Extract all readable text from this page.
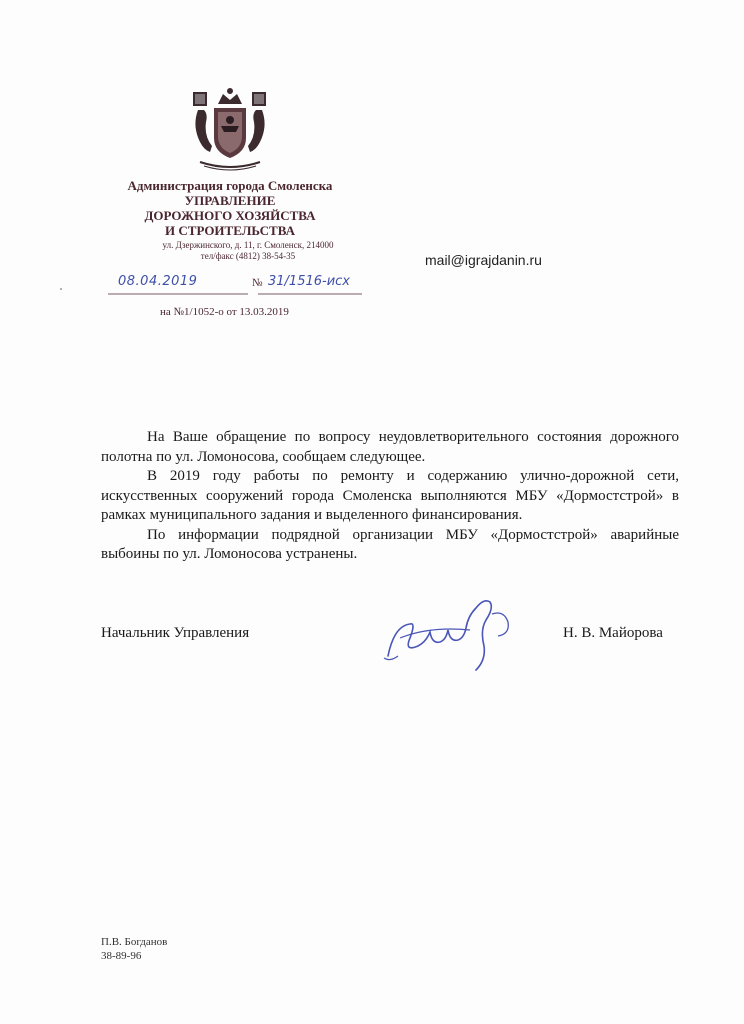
Администрация города Смоленска
УПРАВЛЕНИЕ
ДОРОЖНОГО ХОЗЯЙСТВА
И СТРОИТЕЛЬСТВА
ул. Дзержинского, д. 11, г. Смоленск, 214000
тел/факс (4812) 38-54-35	mail@igrajdanin.ru
08.04.2019	№ 31/1516-исх
на №1/1052-о от 13.03.2019

На Ваше обращение по вопросу неудовлетворительного состояния дорожного полотна по ул. Ломоносова, сообщаем следующее.

В 2019 году работы по ремонту и содержанию улично-дорожной сети, искусственных сооружений города Смоленска выполняются МБУ «Дормостстрой» в рамках муниципального задания и выделенного финансирования.

По информации подрядной организации МБУ «Дормостстрой» аварийные выбоины по ул. Ломоносова устранены.

Начальник Управления	Н. В. Майорова
П.В. Богданов
38-89-96
